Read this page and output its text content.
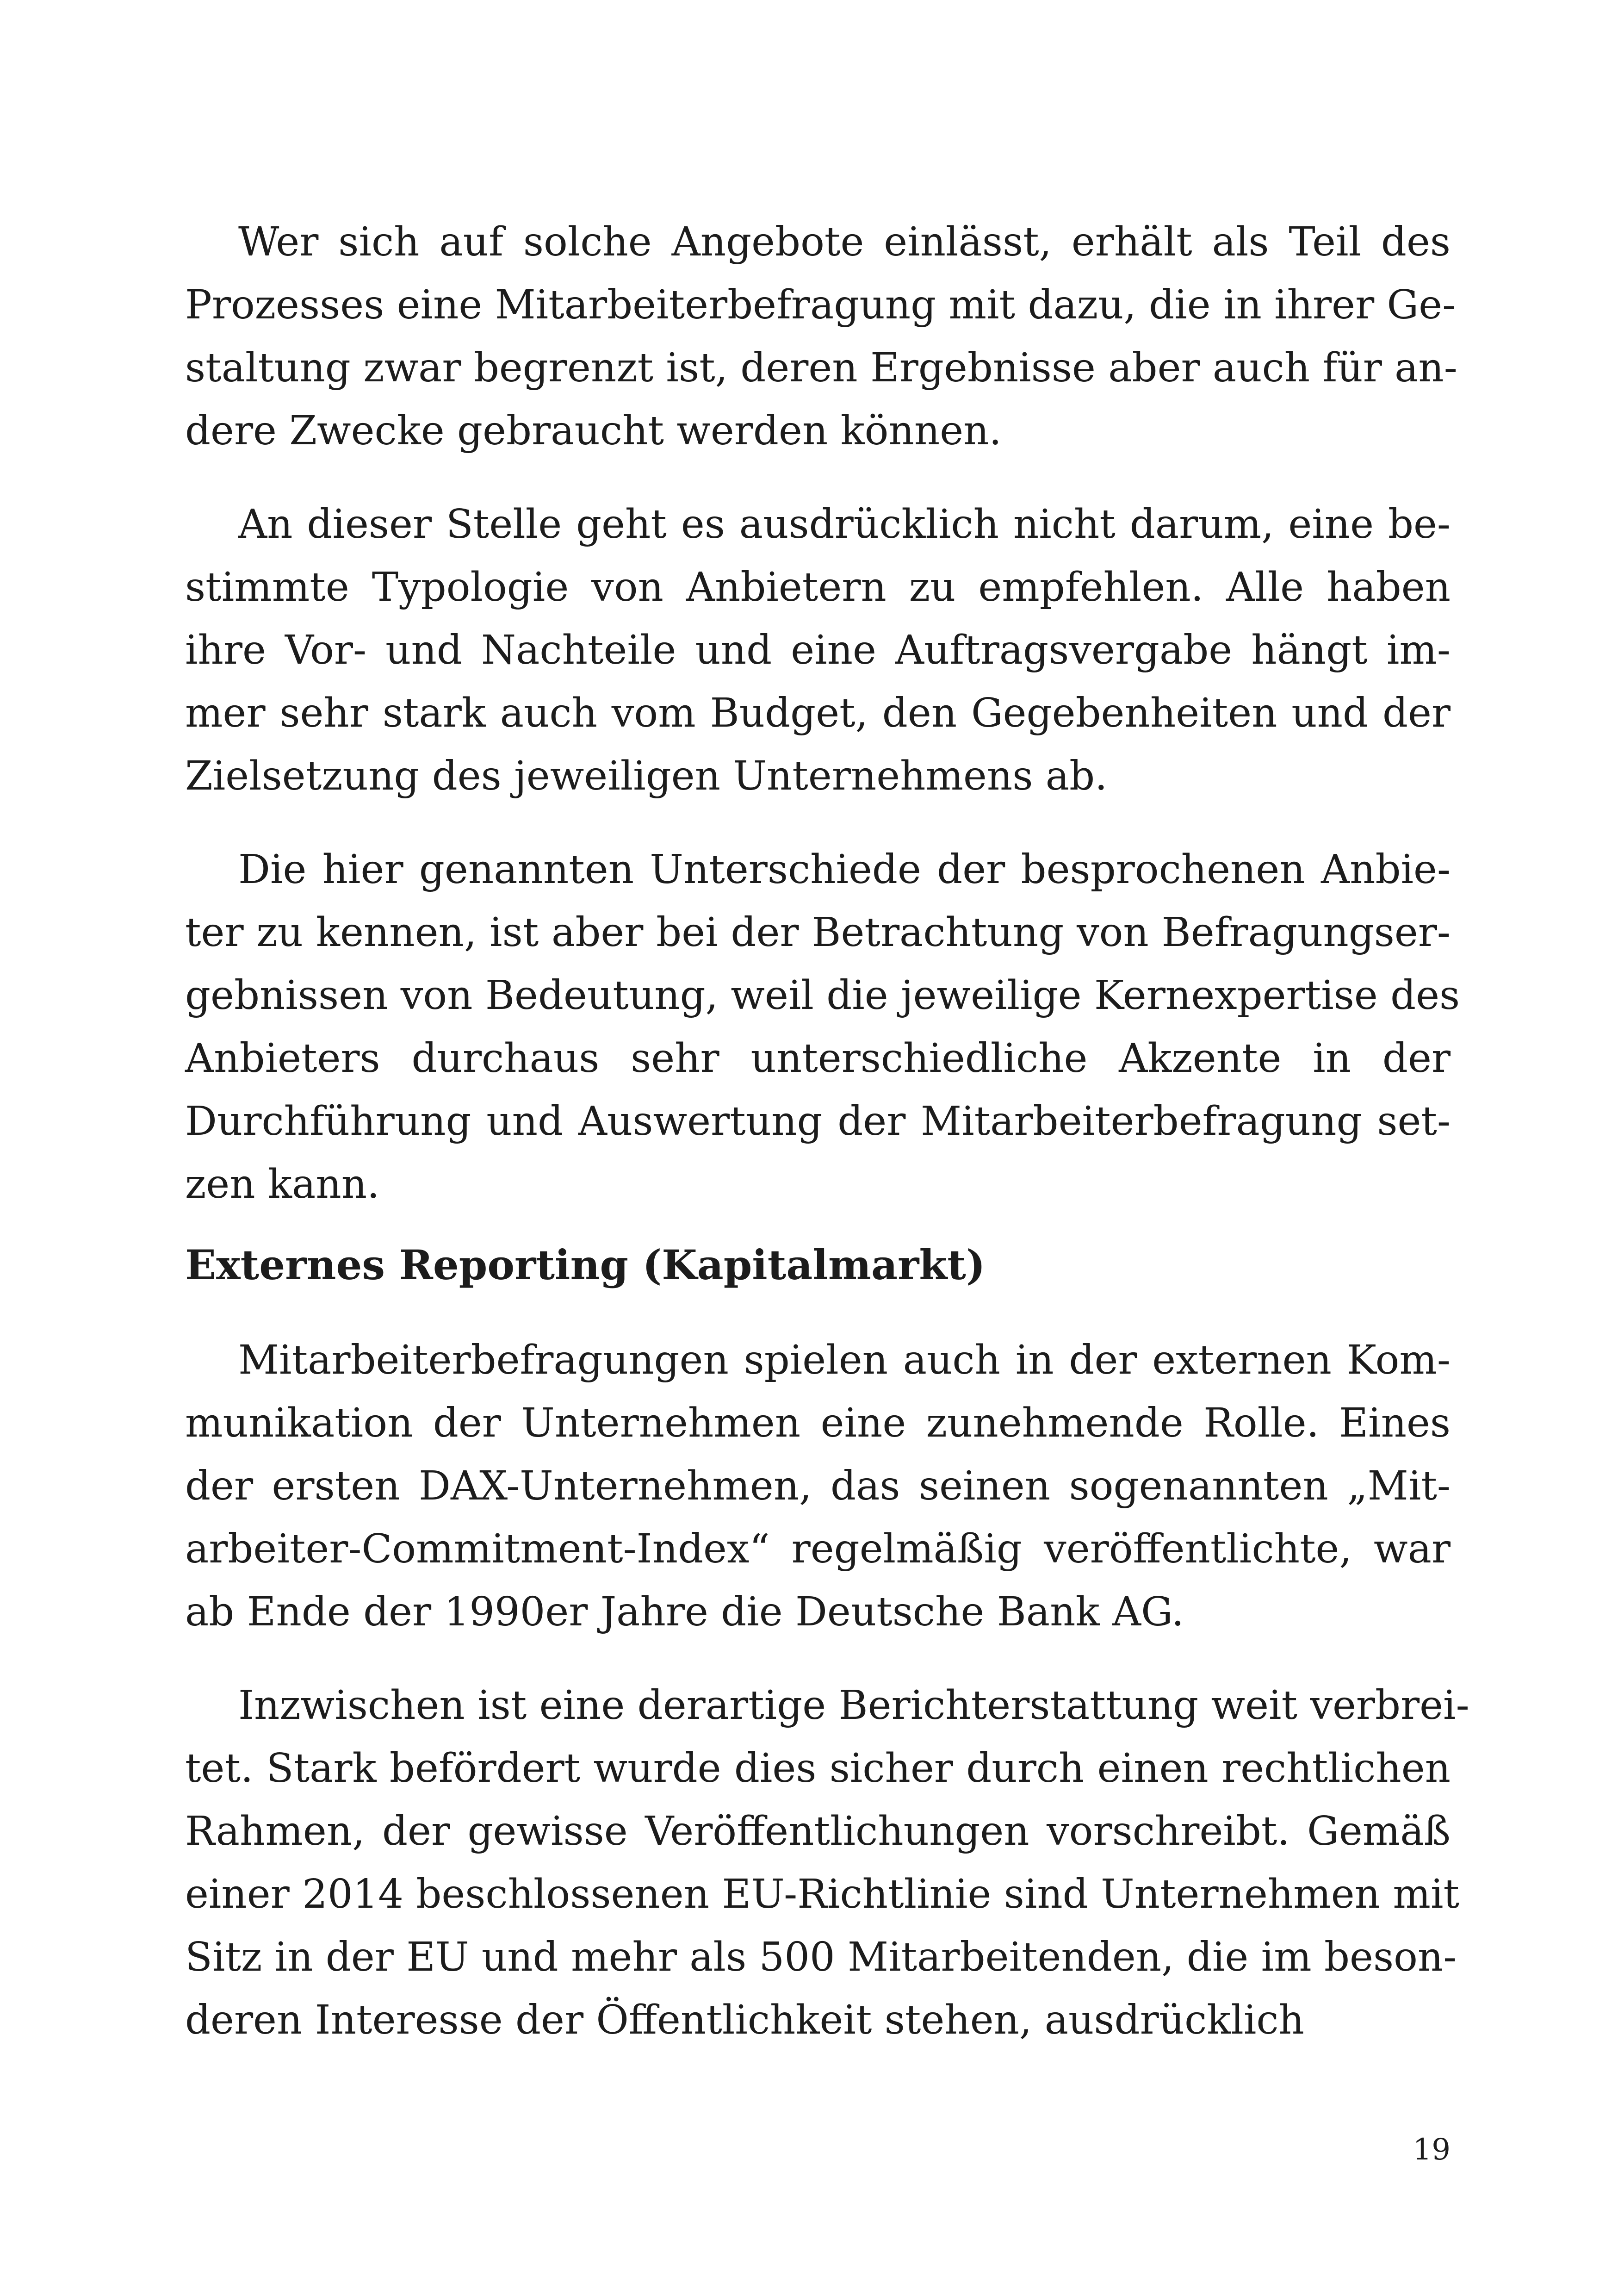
Wer sich auf solche Angebote einlässt, erhält als Teil des
Prozesses eine Mitarbeiterbefragung mit dazu, die in ihrer Ge-
staltung zwar begrenzt ist, deren Ergebnisse aber auch für an-
dere Zwecke gebraucht werden können.
An dieser Stelle geht es ausdrücklich nicht darum, eine be-
stimmte Typologie von Anbietern zu empfehlen. Alle haben
ihre Vor- und Nachteile und eine Auftragsvergabe hängt im-
mer sehr stark auch vom Budget, den Gegebenheiten und der
Zielsetzung des jeweiligen Unternehmens ab.
Die hier genannten Unterschiede der besprochenen Anbie-
ter zu kennen, ist aber bei der Betrachtung von Befragungser-
gebnissen von Bedeutung, weil die jeweilige Kernexpertise des
Anbieters durchaus sehr unterschiedliche Akzente in der
Durchführung und Auswertung der Mitarbeiterbefragung set-
zen kann.
Externes Reporting (Kapitalmarkt)
Mitarbeiterbefragungen spielen auch in der externen Kom-
munikation der Unternehmen eine zunehmende Rolle. Eines
der ersten DAX-Unternehmen, das seinen sogenannten „Mit-
arbeiter-Commitment-Index“ regelmäßig veröffentlichte, war
ab Ende der 1990er Jahre die Deutsche Bank AG.
Inzwischen ist eine derartige Berichterstattung weit verbrei-
tet. Stark befördert wurde dies sicher durch einen rechtlichen
Rahmen, der gewisse Veröffentlichungen vorschreibt. Gemäß
einer 2014 beschlossenen EU-Richtlinie sind Unternehmen mit
Sitz in der EU und mehr als 500 Mitarbeitenden, die im beson-
deren Interesse der Öffentlichkeit stehen, ausdrücklich
19
